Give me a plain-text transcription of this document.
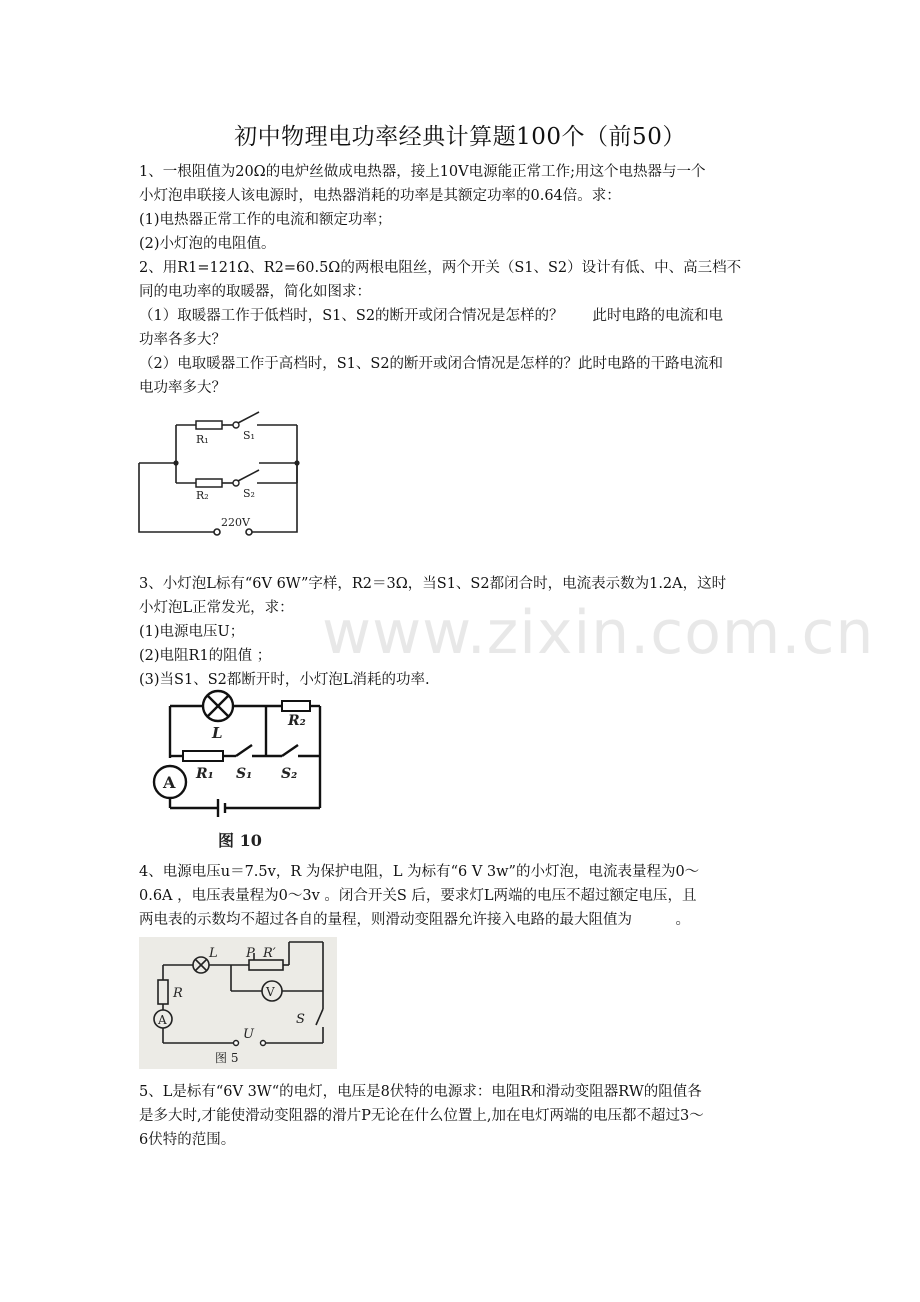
www.zixin.com.cn
初中物理电功率经典计算题100个（前50）
1、一根阻值为20Ω的电炉丝做成电热器，接上10V电源能正常工作;用这个电热器与一个
小灯泡串联接人该电源时，电热器消耗的功率是其额定功率的0.64倍。求：
(1)电热器正常工作的电流和额定功率；
(2)小灯泡的电阻值。
2、用R1=121Ω、R2=60.5Ω的两根电阻丝，两个开关（S1、S2）设计有低、中、高三档不
同的电功率的取暖器，简化如图求：
（1）取暖器工作于低档时，S1、S2的断开或闭合情况是怎样的？　　此时电路的电流和电
功率各多大？
（2）电取暖器工作于高档时，S1、S2的断开或闭合情况是怎样的？此时电路的干路电流和
电功率多大？
R₁	S₁
R₂	S₂
220V
3、小灯泡L标有“6V 6W”字样，R2＝3Ω，当S1、S2都闭合时，电流表示数为1.2A，这时
小灯泡L正常发光，求：
(1)电源电压U；
(2)电阻R1的阻值 ；
(3)当S1、S2都断开时，小灯泡L消耗的功率.
L
R₂
R₁ S₁ S₂
A
图 10
4、电源电压u＝7.5v，R 为保护电阻，L 为标有“6 V 3w”的小灯泡，电流表量程为0～
0.6A ，电压表量程为0～3v 。闭合开关S 后，要求灯L两端的电压不超过额定电压，且
两电表的示数均不超过各自的量程，则滑动变阻器允许接入电路的最大阻值为　　　。
V
L P R′
R
A
U
S
图 5
5、L是标有“6V 3W“的电灯，电压是8伏特的电源求：电阻R和滑动变阻器RW的阻值各
是多大时,才能使滑动变阻器的滑片P无论在什么位置上,加在电灯两端的电压都不超过3～
6伏特的范围。
